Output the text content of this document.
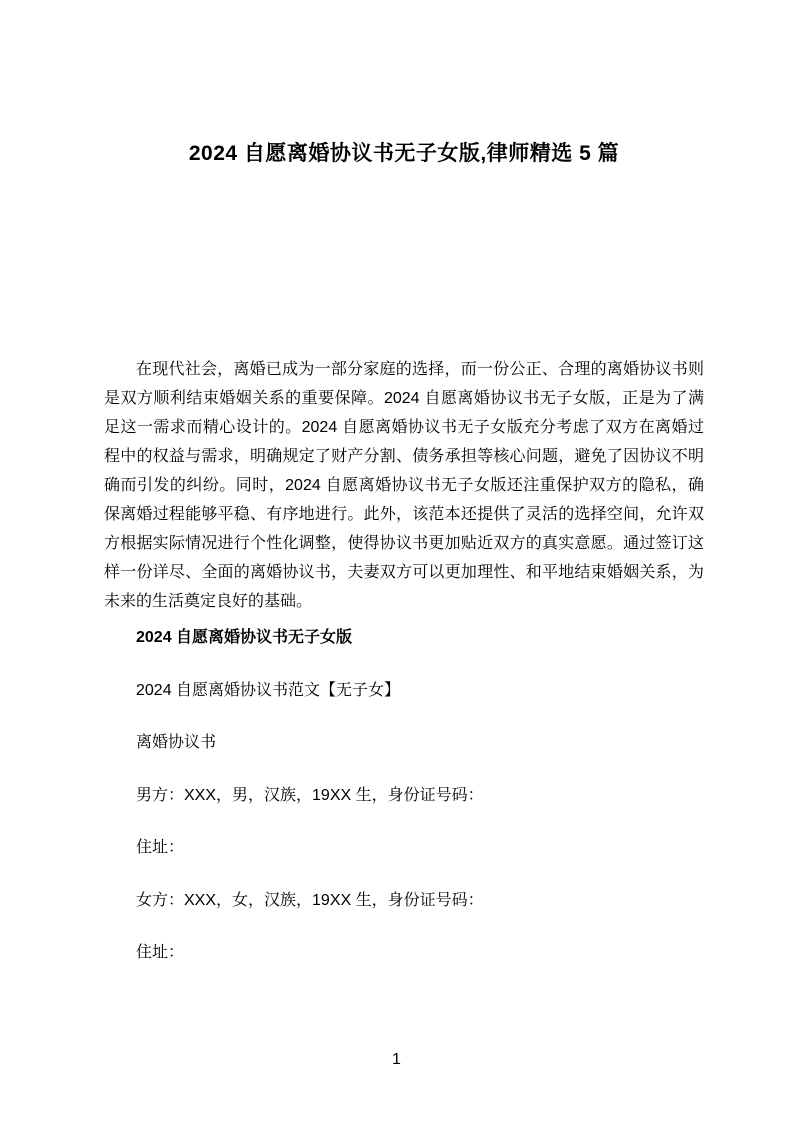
2024 自愿离婚协议书无子女版,律师精选 5 篇
在现代社会，离婚已成为一部分家庭的选择，而一份公正、合理的离婚协议书则是双方顺利结束婚姻关系的重要保障。2024 自愿离婚协议书无子女版，正是为了满足这一需求而精心设计的。2024 自愿离婚协议书无子女版充分考虑了双方在离婚过程中的权益与需求，明确规定了财产分割、债务承担等核心问题，避免了因协议不明确而引发的纠纷。同时，2024 自愿离婚协议书无子女版还注重保护双方的隐私，确保离婚过程能够平稳、有序地进行。此外，该范本还提供了灵活的选择空间，允许双方根据实际情况进行个性化调整，使得协议书更加贴近双方的真实意愿。通过签订这样一份详尽、全面的离婚协议书，夫妻双方可以更加理性、和平地结束婚姻关系，为未来的生活奠定良好的基础。
2024 自愿离婚协议书无子女版
2024 自愿离婚协议书范文【无子女】
离婚协议书
男方：XXX，男，汉族，19XX 生，身份证号码：
住址：
女方：XXX，女，汉族，19XX 生，身份证号码：
住址：
1
